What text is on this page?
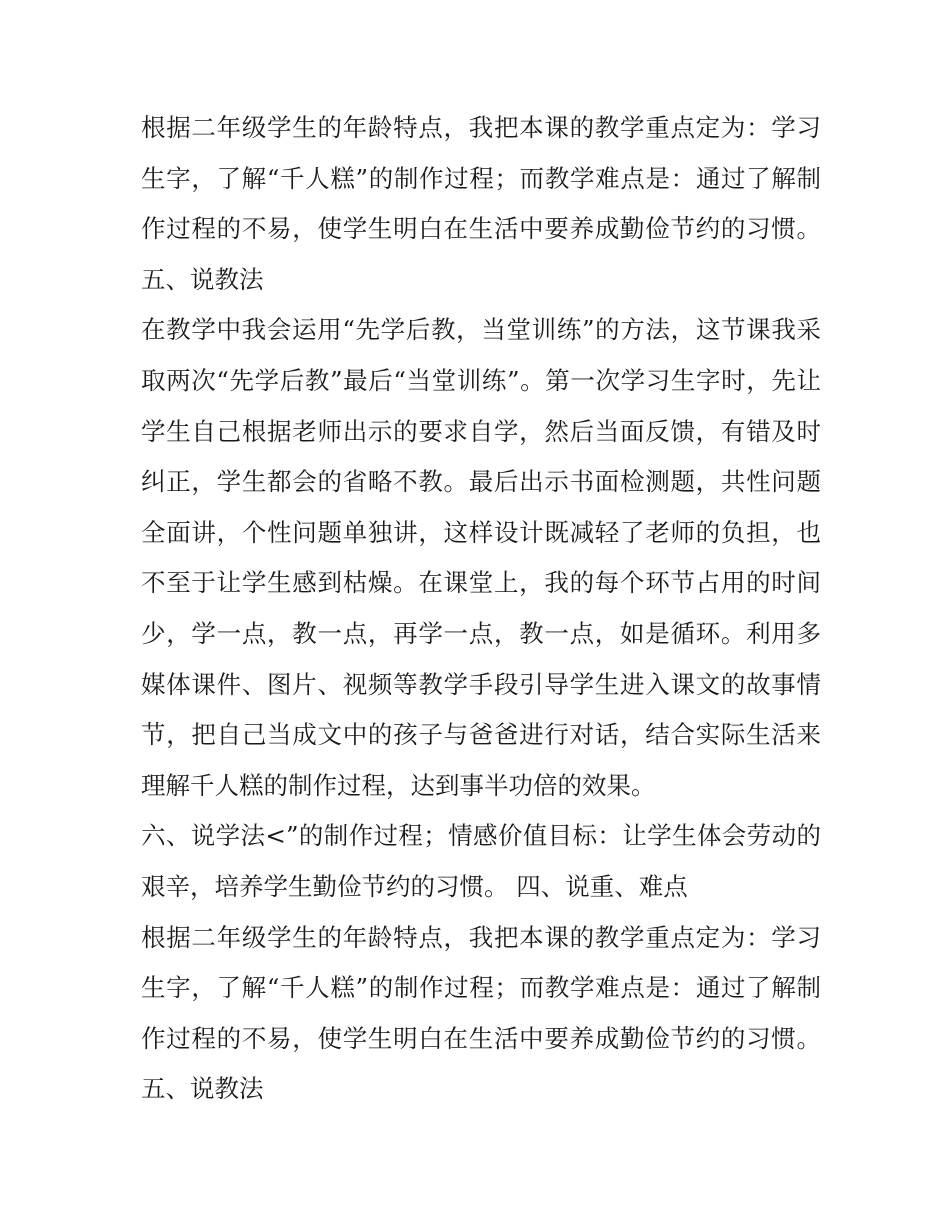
根据二年级学生的年龄特点，我把本课的教学重点定为：学习
生字，了解“千人糕”的制作过程；而教学难点是：通过了解制
作过程的不易，使学生明白在生活中要养成勤俭节约的习惯。
五、说教法
在教学中我会运用“先学后教，当堂训练”的方法，这节课我采
取两次“先学后教”最后“当堂训练”。第一次学习生字时，先让
学生自己根据老师出示的要求自学，然后当面反馈，有错及时
纠正，学生都会的省略不教。最后出示书面检测题，共性问题
全面讲，个性问题单独讲，这样设计既减轻了老师的负担，也
不至于让学生感到枯燥。在课堂上，我的每个环节占用的时间
少，学一点，教一点，再学一点，教一点，如是循环。利用多
媒体课件、图片、视频等教学手段引导学生进入课文的故事情
节，把自己当成文中的孩子与爸爸进行对话，结合实际生活来
理解千人糕的制作过程，达到事半功倍的效果。
六、说学法<”的制作过程；情感价值目标：让学生体会劳动的
艰辛，培养学生勤俭节约的习惯。 四、说重、难点
根据二年级学生的年龄特点，我把本课的教学重点定为：学习
生字，了解“千人糕”的制作过程；而教学难点是：通过了解制
作过程的不易，使学生明白在生活中要养成勤俭节约的习惯。
五、说教法
